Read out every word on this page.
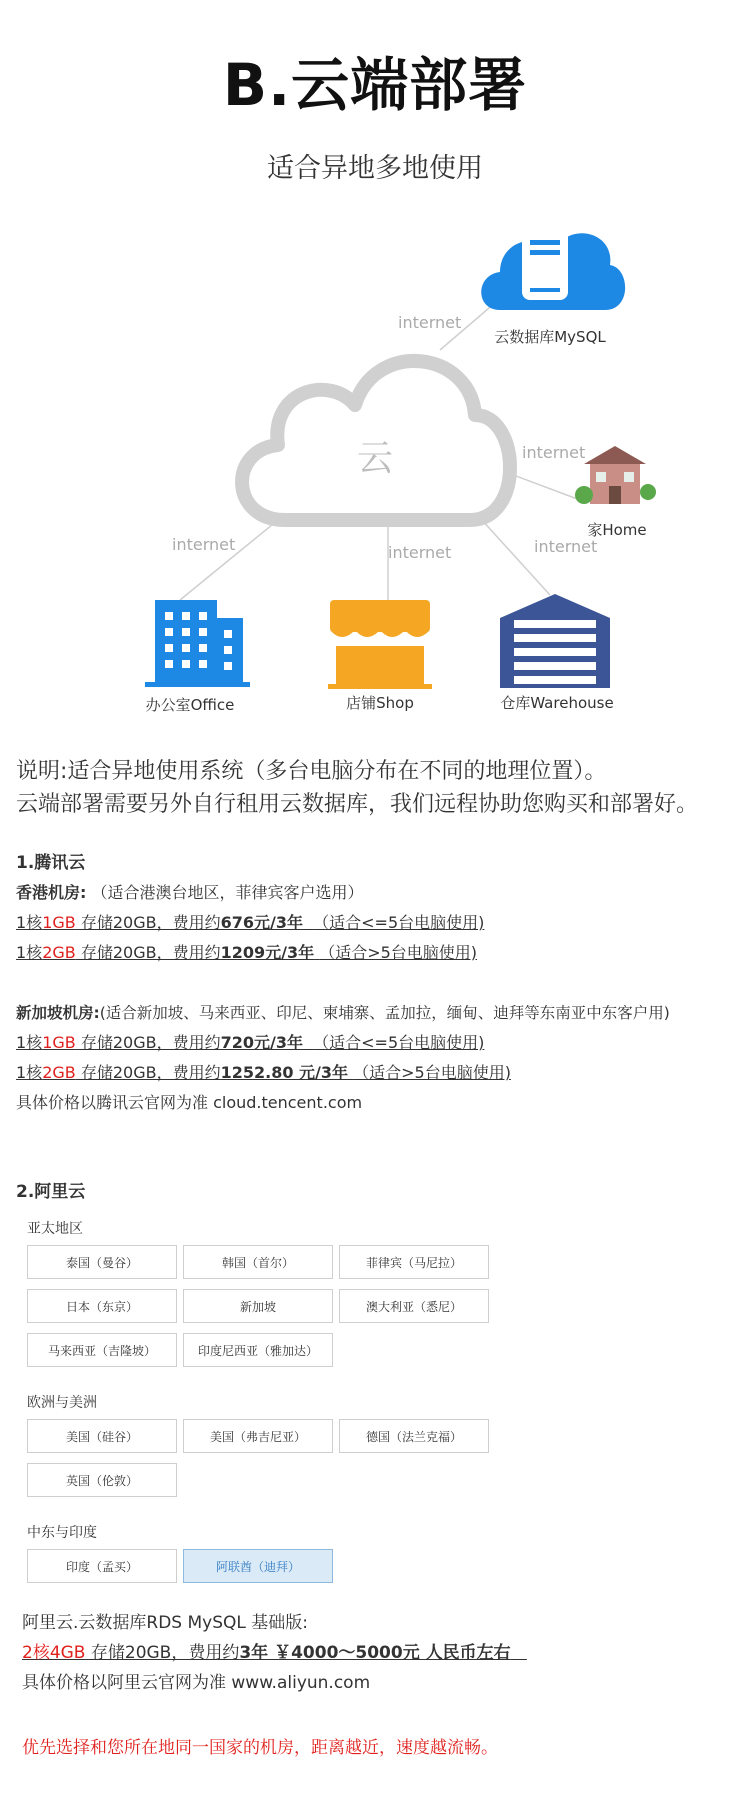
B.云端部署
适合异地多地使用
云
internet
internet
internet	internet	internet
云数据库MySQL
家Home
办公室Office	店铺Shop	仓库Warehouse
说明:适合异地使用系统（多台电脑分布在不同的地理位置）。
云端部署需要另外自行租用云数据库，我们远程协助您购买和部署好。
1.腾讯云
香港机房: （适合港澳台地区，菲律宾客户选用）
1核1GB 存储20GB，费用约676元/3年 （适合<=5台电脑使用)
1核2GB 存储20GB，费用约1209元/3年 （适合>5台电脑使用)
新加坡机房:(适合新加坡、马来西亚、印尼、柬埔寨、孟加拉，缅甸、迪拜等东南亚中东客户用)
1核1GB 存储20GB，费用约720元/3年 （适合<=5台电脑使用)
1核2GB 存储20GB，费用约1252.80 元/3年 （适合>5台电脑使用)
具体价格以腾讯云官网为准 cloud.tencent.com
2.阿里云
亚太地区
泰国（曼谷）	韩国（首尔）	菲律宾（马尼拉）
日本（东京）	新加坡	澳大利亚（悉尼）
马来西亚（吉隆坡）	印度尼西亚（雅加达）
欧洲与美洲
美国（硅谷）	美国（弗吉尼亚）	德国（法兰克福）
英国（伦敦）
中东与印度
印度（孟买）	阿联酋（迪拜）
阿里云.云数据库RDS MySQL 基础版:
2核4GB 存储20GB，费用约3年 ￥4000～5000元 人民币左右
具体价格以阿里云官网为准 www.aliyun.com
优先选择和您所在地同一国家的机房，距离越近，速度越流畅。
